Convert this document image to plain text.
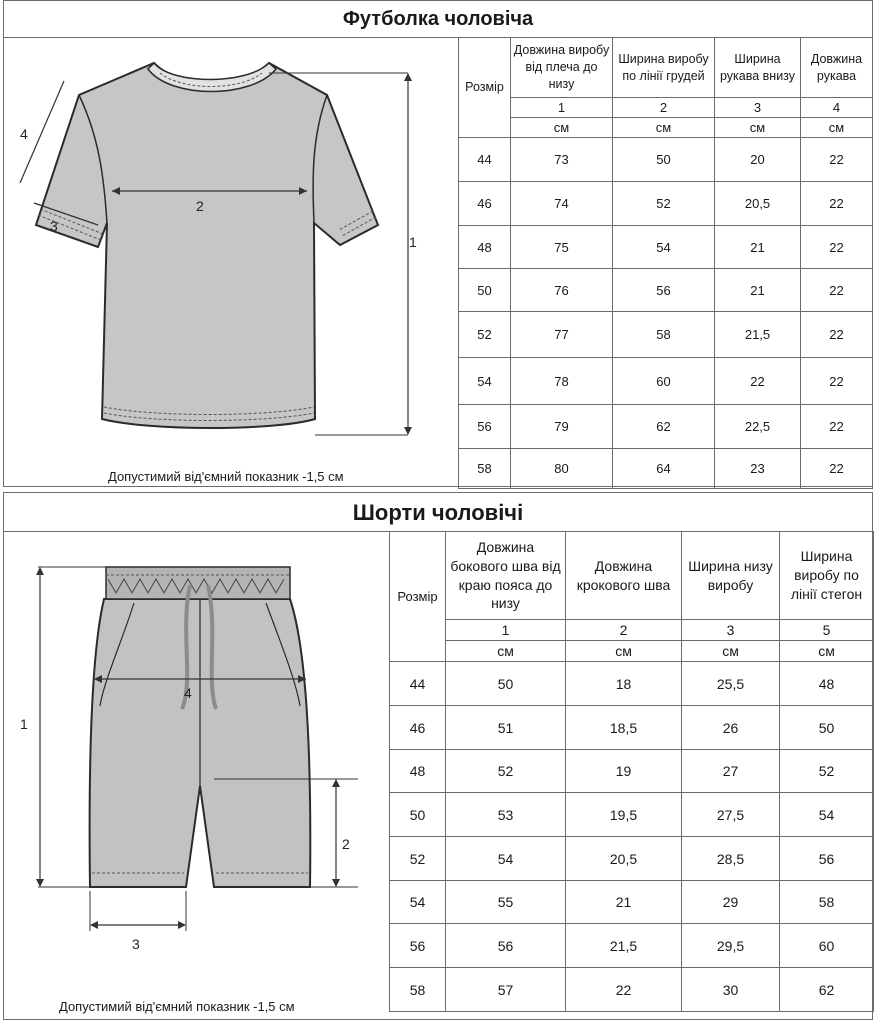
Футболка чоловіча
1
2
3
4
Допустимий від'ємний показник -1,5 см
Розмір	Довжина виробу від плеча до низу	Ширина виробу по лінії грудей	Ширина рукава внизу	Довжина рукава
	1	2	3	4
	см	см	см	см
44	73	50	20	22
46	74	52	20,5	22
48	75	54	21	22
50	76	56	21	22
52	77	58	21,5	22
54	78	60	22	22
56	79	62	22,5	22
58	80	64	23	22
Шорти чоловічі
1
2
3
4
Допустимий від'ємний показник -1,5 см
Розмір	Довжина бокового шва від краю пояса до низу	Довжина крокового шва	Ширина низу виробу	Ширина виробу по лінії стегон
	1	2	3	5
	см	см	см	см
44	50	18	25,5	48
46	51	18,5	26	50
48	52	19	27	52
50	53	19,5	27,5	54
52	54	20,5	28,5	56
54	55	21	29	58
56	56	21,5	29,5	60
58	57	22	30	62
